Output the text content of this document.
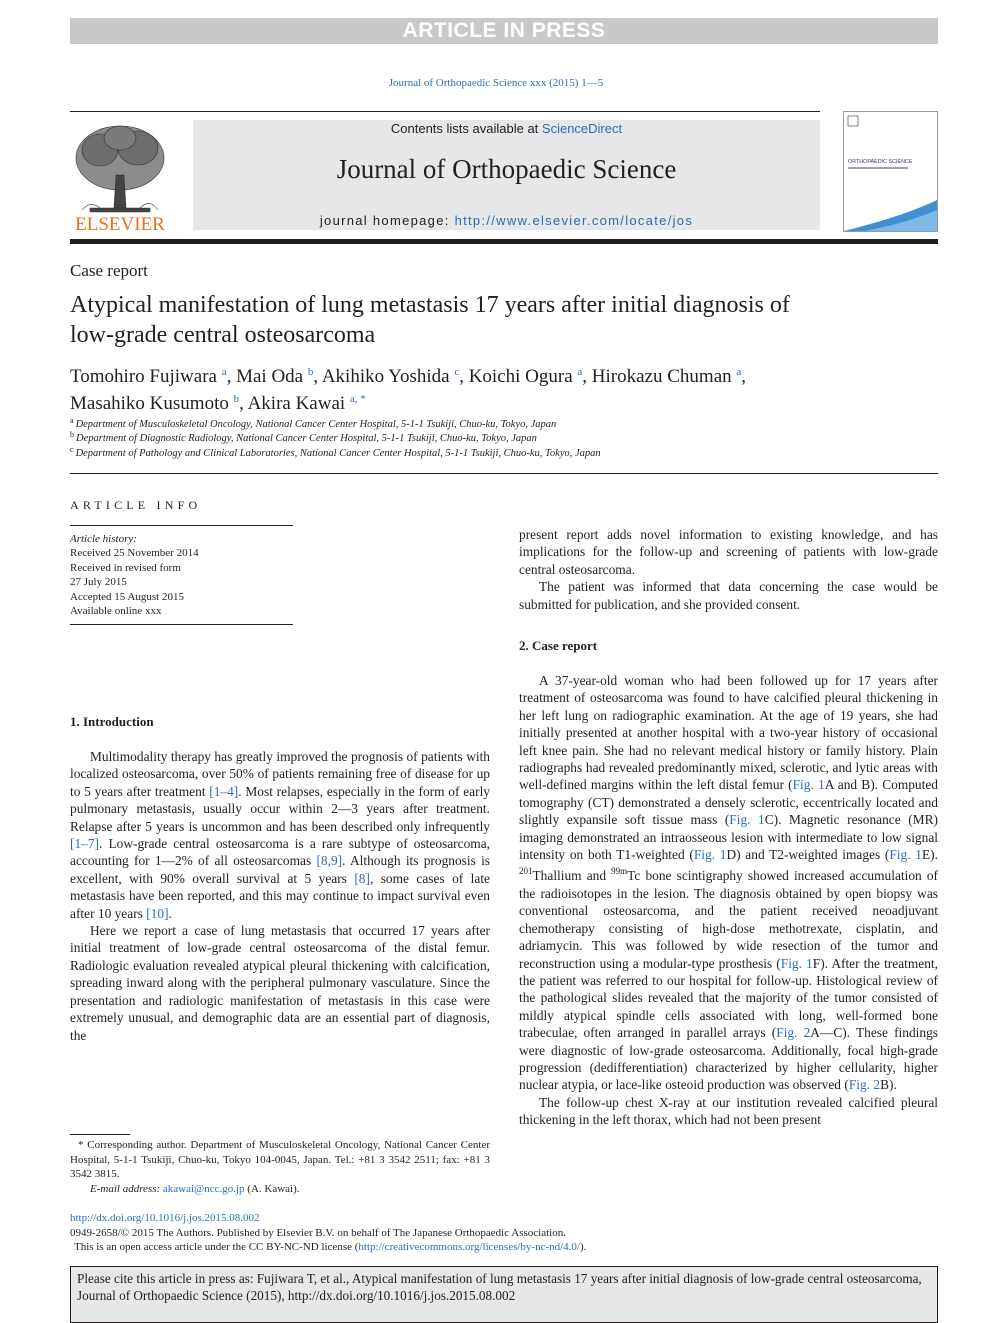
ARTICLE IN PRESS
Journal of Orthopaedic Science xxx (2015) 1—5
ELSEVIER
Contents lists available at ScienceDirect
Journal of Orthopaedic Science
journal homepage: http://www.elsevier.com/locate/jos
ORTHOPAEDIC SCIENCE
Case report
Atypical manifestation of lung metastasis 17 years after initial diagnosis of low-grade central osteosarcoma
Tomohiro Fujiwara $^a$, Mai Oda $^b$, Akihiko Yoshida $^c$, Koichi Ogura $^a$, Hirokazu Chuman $^a$,
Masahiko Kusumoto $^b$, Akira Kawai $^{a, *}$
$^a$ Department of Musculoskeletal Oncology, National Cancer Center Hospital, 5-1-1 Tsukiji, Chuo-ku, Tokyo, Japan
$^b$ Department of Diagnostic Radiology, National Cancer Center Hospital, 5-1-1 Tsukiji, Chuo-ku, Tokyo, Japan
$^c$ Department of Pathology and Clinical Laboratories, National Cancer Center Hospital, 5-1-1 Tsukiji, Chuo-ku, Tokyo, Japan
ARTICLE INFO
Article history:
Received 25 November 2014
Received in revised form
27 July 2015
Accepted 15 August 2015
Available online xxx
1. Introduction

Multimodality therapy has greatly improved the prognosis of patients with localized osteosarcoma, over 50% of patients remaining free of disease for up to 5 years after treatment [1–4]. Most relapses, especially in the form of early pulmonary metastasis, usually occur within 2—3 years after treatment. Relapse after 5 years is uncommon and has been described only infrequently [1–7]. Low-grade central osteosarcoma is a rare subtype of osteosarcoma, accounting for 1—2% of all osteosarcomas [8,9]. Although its prognosis is excellent, with 90% overall survival at 5 years [8], some cases of late metastasis have been reported, and this may continue to impact survival even after 10 years [10].

Here we report a case of lung metastasis that occurred 17 years after initial treatment of low-grade central osteosarcoma of the distal femur. Radiologic evaluation revealed atypical pleural thickening with calcification, spreading inward along with the peripheral pulmonary vasculature. Since the presentation and radiologic manifestation of metastasis in this case were extremely unusual, and demographic data are an essential part of diagnosis, the

present report adds novel information to existing knowledge, and has implications for the follow-up and screening of patients with low-grade central osteosarcoma.

The patient was informed that data concerning the case would be submitted for publication, and she provided consent.

2. Case report

A 37-year-old woman who had been followed up for 17 years after treatment of osteosarcoma was found to have calcified pleural thickening in her left lung on radiographic examination. At the age of 19 years, she had initially presented at another hospital with a two-year history of occasional left knee pain. She had no relevant medical history or family history. Plain radiographs had revealed predominantly mixed, sclerotic, and lytic areas with well-defined margins within the left distal femur (Fig. 1A and B). Computed tomography (CT) demonstrated a densely sclerotic, eccentrically located and slightly expansile soft tissue mass (Fig. 1C). Magnetic resonance (MR) imaging demonstrated an intraosseous lesion with intermediate to low signal intensity on both T1-weighted (Fig. 1D) and T2-weighted images (Fig. 1E). $^{201}$Thallium and $^{99m}$Tc bone scintigraphy showed increased accumulation of the radioisotopes in the lesion. The diagnosis obtained by open biopsy was conventional osteosarcoma, and the patient received neoadjuvant chemotherapy consisting of high-dose methotrexate, cisplatin, and adriamycin. This was followed by wide resection of the tumor and reconstruction using a modular-type prosthesis (Fig. 1F). After the treatment, the patient was referred to our hospital for follow-up. Histological review of the pathological slides revealed that the majority of the tumor consisted of mildly atypical spindle cells associated with long, well-formed bone trabeculae, often arranged in parallel arrays (Fig. 2A—C). These findings were diagnostic of low-grade osteosarcoma. Additionally, focal high-grade progression (dedifferentiation) characterized by higher cellularity, higher nuclear atypia, or lace-like osteoid production was observed (Fig. 2B).

The follow-up chest X-ray at our institution revealed calcified pleural thickening in the left thorax, which had not been present

* Corresponding author. Department of Musculoskeletal Oncology, National Cancer Center Hospital, 5-1-1 Tsukiji, Chuo-ku, Tokyo 104-0045, Japan. Tel.: +81 3 3542 2511; fax: +81 3 3542 3815.
E-mail address: akawai@ncc.go.jp (A. Kawai).
http://dx.doi.org/10.1016/j.jos.2015.08.002
0949-2658/© 2015 The Authors. Published by Elsevier B.V. on behalf of The Japanese Orthopaedic Association.
This is an open access article under the CC BY-NC-ND license (http://creativecommons.org/licenses/by-nc-nd/4.0/).
Please cite this article in press as: Fujiwara T, et al., Atypical manifestation of lung metastasis 17 years after initial diagnosis of low-grade central osteosarcoma, Journal of Orthopaedic Science (2015), http://dx.doi.org/10.1016/j.jos.2015.08.002
